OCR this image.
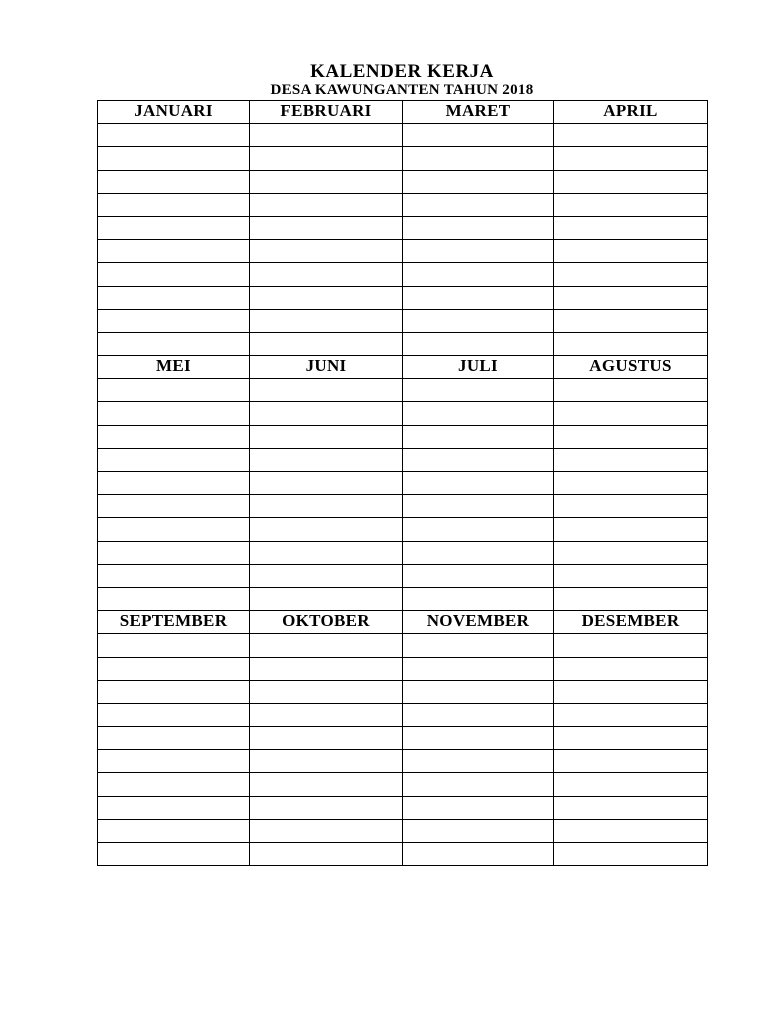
KALENDER KERJA
DESA KAWUNGANTEN TAHUN 2018
JANUARI	FEBRUARI	MARET	APRIL

MEI	JUNI	JULI	AGUSTUS

SEPTEMBER	OKTOBER	NOVEMBER	DESEMBER
